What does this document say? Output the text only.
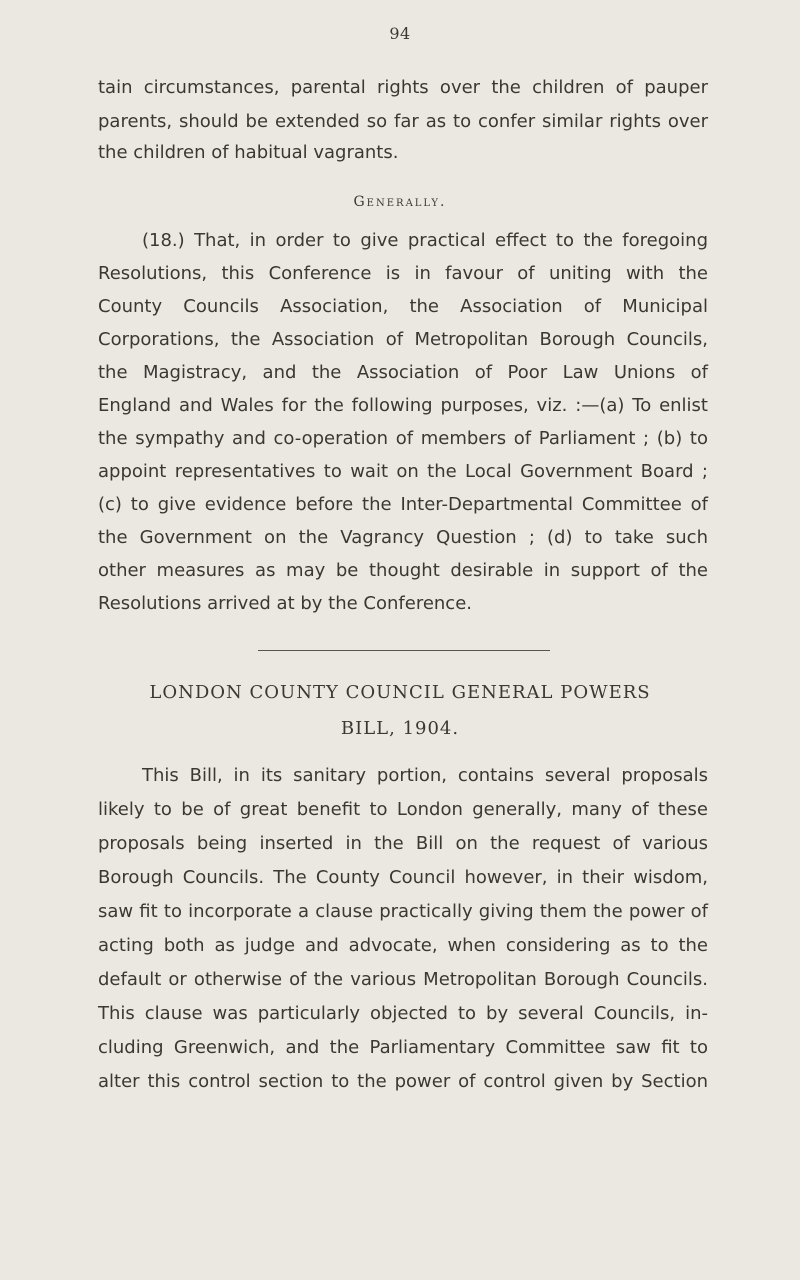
94
tain circumstances, parental rights over the children of pauper
parents, should be extended so far as to confer similar rights over
the children of habitual vagrants.
Generally.
(18.) That, in order to give practical effect to the foregoing
Resolutions, this Conference is in favour of uniting with the
County Councils Association, the Association of Municipal
Corporations, the Association of Metropolitan Borough Councils,
the Magistracy, and the Association of Poor Law Unions of
England and Wales for the following purposes, viz. :—(a) To enlist
the sympathy and co-operation of members of Parliament ; (b) to
appoint representatives to wait on the Local Government Board ;
(c) to give evidence before the Inter-Departmental Committee of
the Government on the Vagrancy Question ; (d) to take such
other measures as may be thought desirable in support of the
Resolutions arrived at by the Conference.
LONDON COUNTY COUNCIL GENERAL POWERS
BILL, 1904.
This Bill, in its sanitary portion, contains several proposals
likely to be of great benefit to London generally, many of these
proposals being inserted in the Bill on the request of various
Borough Councils. The County Council however, in their wisdom,
saw fit to incorporate a clause practically giving them the power of
acting both as judge and advocate, when considering as to the
default or otherwise of the various Metropolitan Borough Councils.
This clause was particularly objected to by several Councils, in-
cluding Greenwich, and the Parliamentary Committee saw fit to
alter this control section to the power of control given by Section
